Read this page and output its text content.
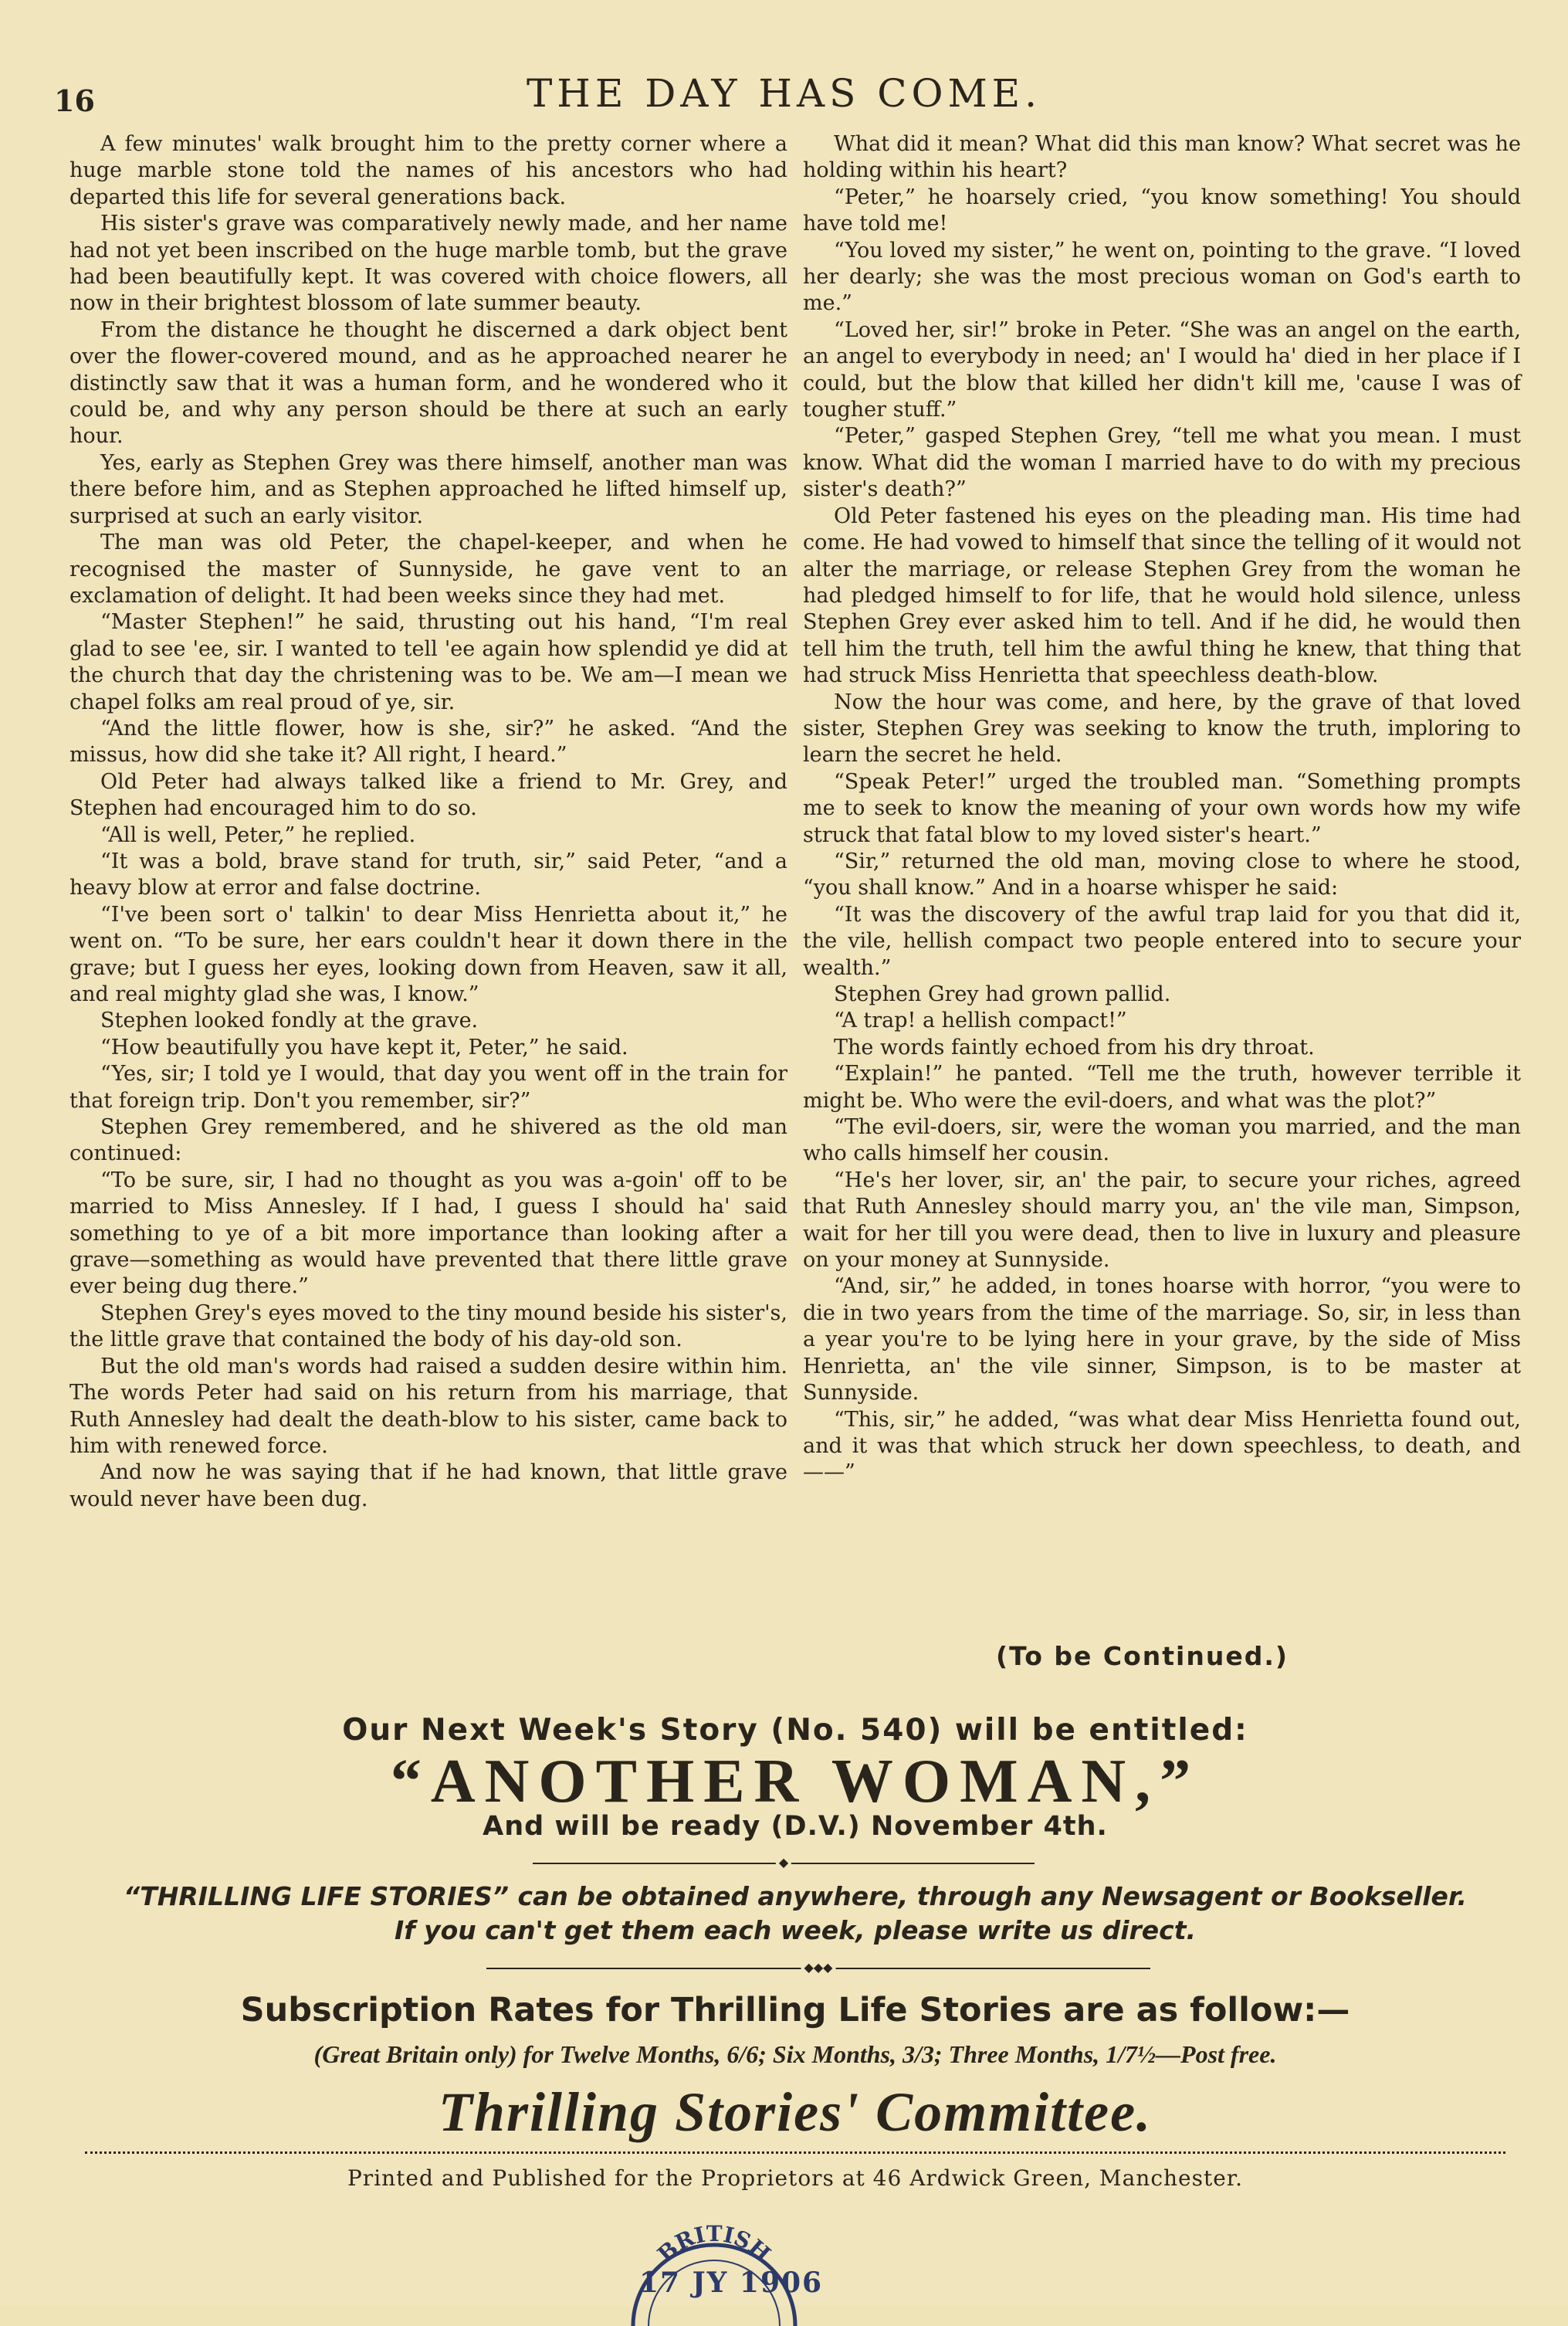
16	THE DAY HAS COME.

A few minutes' walk brought him to the pretty corner where a huge marble stone told the names of his ancestors who had departed this life for several generations back.

His sister's grave was comparatively newly made, and her name had not yet been inscribed on the huge marble tomb, but the grave had been beautifully kept. It was covered with choice flowers, all now in their brightest blossom of late summer beauty.

From the distance he thought he discerned a dark object bent over the flower-covered mound, and as he approached nearer he distinctly saw that it was a human form, and he wondered who it could be, and why any person should be there at such an early hour.

Yes, early as Stephen Grey was there himself, another man was there before him, and as Stephen approached he lifted himself up, surprised at such an early visitor.

The man was old Peter, the chapel-keeper, and when he recognised the master of Sunnyside, he gave vent to an exclamation of delight. It had been weeks since they had met.

“Master Stephen!” he said, thrusting out his hand, “I'm real glad to see 'ee, sir. I wanted to tell 'ee again how splendid ye did at the church that day the christening was to be. We am—I mean we chapel folks am real proud of ye, sir.

“And the little flower, how is she, sir?” he asked. “And the missus, how did she take it? All right, I heard.”

Old Peter had always talked like a friend to Mr. Grey, and Stephen had encouraged him to do so.

“All is well, Peter,” he replied.

“It was a bold, brave stand for truth, sir,” said Peter, “and a heavy blow at error and false doctrine.

“I've been sort o' talkin' to dear Miss Henrietta about it,” he went on. “To be sure, her ears couldn't hear it down there in the grave; but I guess her eyes, looking down from Heaven, saw it all, and real mighty glad she was, I know.”

Stephen looked fondly at the grave.

“How beautifully you have kept it, Peter,” he said.

“Yes, sir; I told ye I would, that day you went off in the train for that foreign trip. Don't you remember, sir?”

Stephen Grey remembered, and he shivered as the old man continued:

“To be sure, sir, I had no thought as you was a-goin' off to be married to Miss Annesley. If I had, I guess I should ha' said something to ye of a bit more importance than looking after a grave—something as would have prevented that there little grave ever being dug there.”

Stephen Grey's eyes moved to the tiny mound beside his sister's, the little grave that contained the body of his day-old son.

But the old man's words had raised a sudden desire within him. The words Peter had said on his return from his marriage, that Ruth Annesley had dealt the death-blow to his sister, came back to him with renewed force.

And now he was saying that if he had known, that little grave would never have been dug.

What did it mean? What did this man know? What secret was he holding within his heart?

“Peter,” he hoarsely cried, “you know something! You should have told me!

“You loved my sister,” he went on, pointing to the grave. “I loved her dearly; she was the most precious woman on God's earth to me.”

“Loved her, sir!” broke in Peter. “She was an angel on the earth, an angel to everybody in need; an' I would ha' died in her place if I could, but the blow that killed her didn't kill me, 'cause I was of tougher stuff.”

“Peter,” gasped Stephen Grey, “tell me what you mean. I must know. What did the woman I married have to do with my precious sister's death?”

Old Peter fastened his eyes on the pleading man. His time had come. He had vowed to himself that since the telling of it would not alter the marriage, or release Stephen Grey from the woman he had pledged himself to for life, that he would hold silence, unless Stephen Grey ever asked him to tell. And if he did, he would then tell him the truth, tell him the awful thing he knew, that thing that had struck Miss Henrietta that speechless death-blow.

Now the hour was come, and here, by the grave of that loved sister, Stephen Grey was seeking to know the truth, imploring to learn the secret he held.

“Speak Peter!” urged the troubled man. “Something prompts me to seek to know the meaning of your own words how my wife struck that fatal blow to my loved sister's heart.”

“Sir,” returned the old man, moving close to where he stood, “you shall know.” And in a hoarse whisper he said:

“It was the discovery of the awful trap laid for you that did it, the vile, hellish compact two people entered into to secure your wealth.”

Stephen Grey had grown pallid.

“A trap! a hellish compact!”

The words faintly echoed from his dry throat.

“Explain!” he panted. “Tell me the truth, however terrible it might be. Who were the evil-doers, and what was the plot?”

“The evil-doers, sir, were the woman you married, and the man who calls himself her cousin.

“He's her lover, sir, an' the pair, to secure your riches, agreed that Ruth Annesley should marry you, an' the vile man, Simpson, wait for her till you were dead, then to live in luxury and pleasure on your money at Sunnyside.

“And, sir,” he added, in tones hoarse with horror, “you were to die in two years from the time of the marriage. So, sir, in less than a year you're to be lying here in your grave, by the side of Miss Henrietta, an' the vile sinner, Simpson, is to be master at Sunnyside.

“This, sir,” he added, “was what dear Miss Henrietta found out, and it was that which struck her down speechless, to death, and ——”

(To be Continued.)
Our Next Week's Story (No. 540) will be entitled:
“ANOTHER WOMAN,”
And will be ready (D.V.) November 4th.
◆
“THRILLING LIFE STORIES” can be obtained anywhere, through any Newsagent or Bookseller.
If you can't get them each week, please write us direct.
◆◆◆
Subscription Rates for Thrilling Life Stories are as follow:—
(Great Britain only) for Twelve Months, 6/6; Six Months, 3/3; Three Months, 1/7½—Post free.
Thrilling Stories' Committee.
Printed and Published for the Proprietors at 46 Ardwick Green, Manchester.
BRITISH
17 JY 1906
